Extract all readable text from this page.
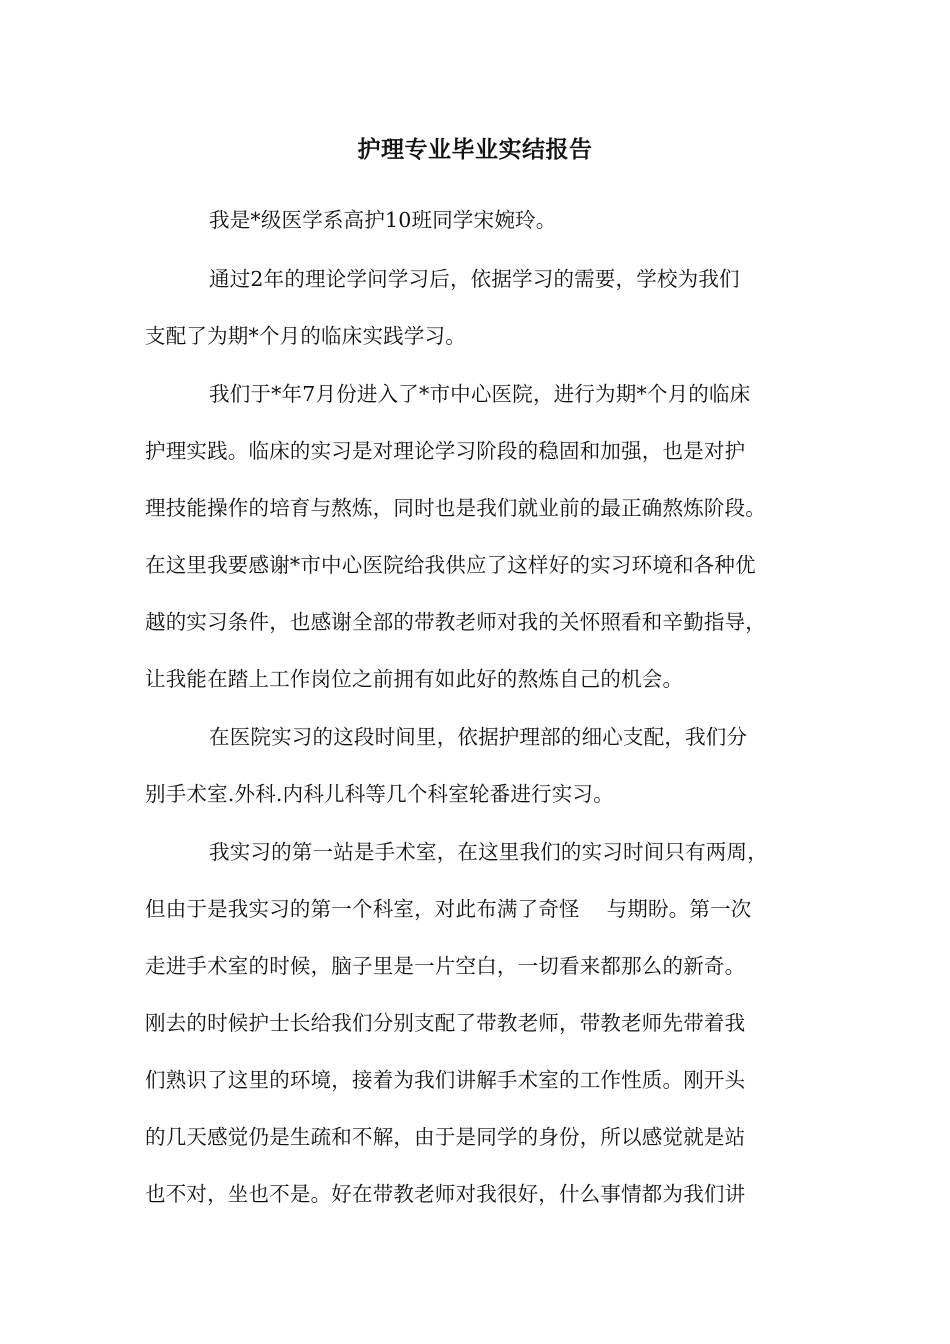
护理专业毕业实结报告
我是*级医学系高护10班同学宋婉玲。
通过2年的理论学问学习后，依据学习的需要，学校为我们
支配了为期*个月的临床实践学习。
我们于*年7月份进入了*市中心医院，进行为期*个月的临床
护理实践。临床的实习是对理论学习阶段的稳固和加强，也是对护
理技能操作的培育与熬炼，同时也是我们就业前的最正确熬炼阶段。
在这里我要感谢*市中心医院给我供应了这样好的实习环境和各种优
越的实习条件，也感谢全部的带教老师对我的关怀照看和辛勤指导，
让我能在踏上工作岗位之前拥有如此好的熬炼自己的机会。
在医院实习的这段时间里，依据护理部的细心支配，我们分
别手术室.外科.内科儿科等几个科室轮番进行实习。
我实习的第一站是手术室，在这里我们的实习时间只有两周，
但由于是我实习的第一个科室，对此布满了奇怪    与期盼。第一次
走进手术室的时候，脑子里是一片空白，一切看来都那么的新奇。
刚去的时候护士长给我们分别支配了带教老师，带教老师先带着我
们熟识了这里的环境，接着为我们讲解手术室的工作性质。刚开头
的几天感觉仍是生疏和不解，由于是同学的身份，所以感觉就是站
也不对，坐也不是。好在带教老师对我很好，什么事情都为我们讲
